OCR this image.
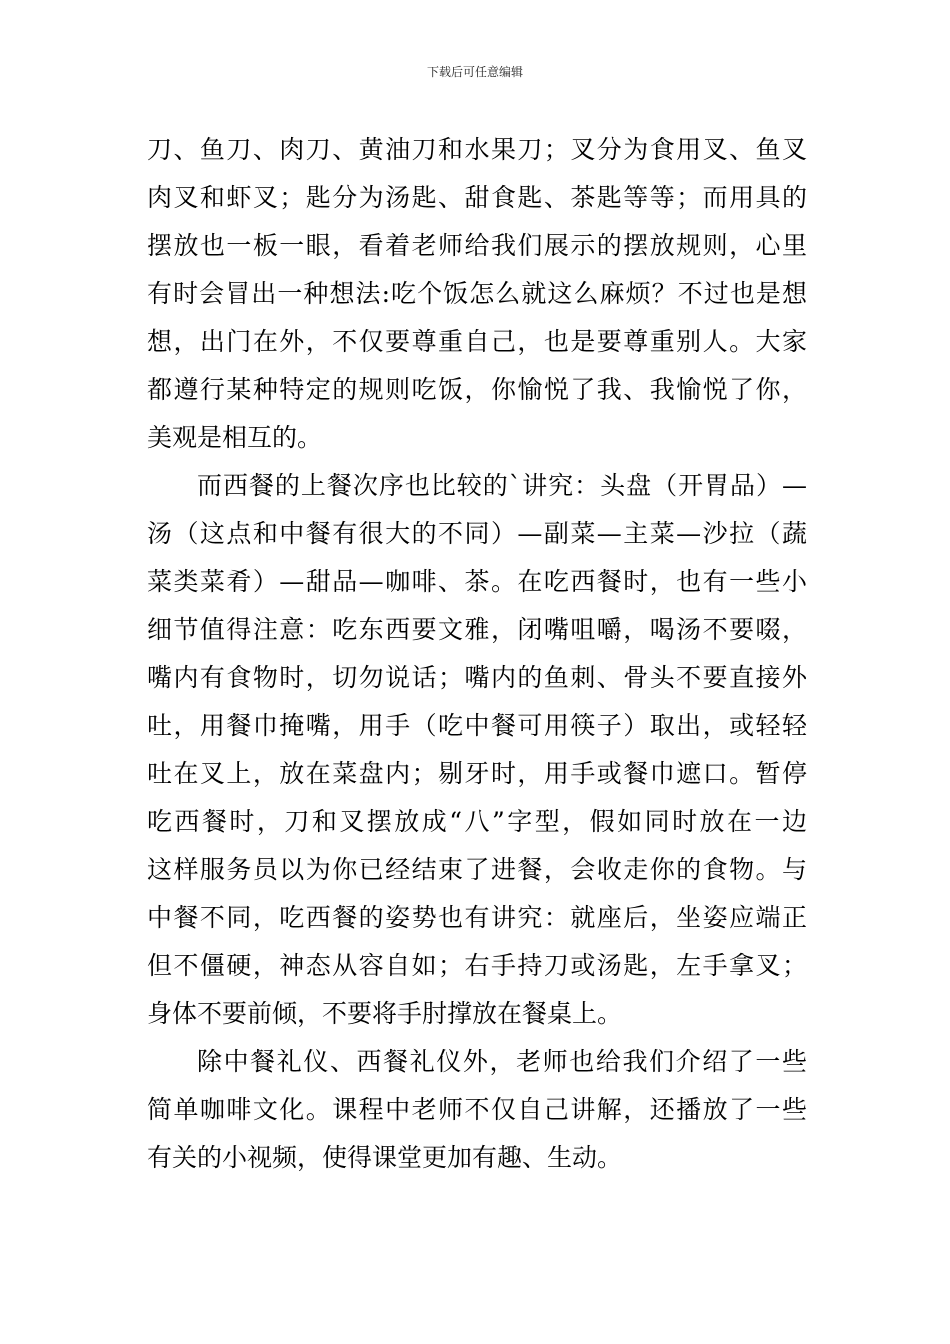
下载后可任意编辑
刀、鱼刀、肉刀、黄油刀和水果刀；叉分为食用叉、鱼叉
肉叉和虾叉；匙分为汤匙、甜食匙、茶匙等等；而用具的
摆放也一板一眼，看着老师给我们展示的摆放规则，心里
有时会冒出一种想法:吃个饭怎么就这么麻烦？不过也是想
想，出门在外，不仅要尊重自己，也是要尊重别人。大家
都遵行某种特定的规则吃饭，你愉悦了我、我愉悦了你，
美观是相互的。
而西餐的上餐次序也比较的`讲究：头盘（开胃品）—
汤（这点和中餐有很大的不同）—副菜—主菜—沙拉（蔬
菜类菜肴）—甜品—咖啡、茶。在吃西餐时，也有一些小
细节值得注意：吃东西要文雅，闭嘴咀嚼，喝汤不要啜，
嘴内有食物时，切勿说话；嘴内的鱼刺、骨头不要直接外
吐，用餐巾掩嘴，用手（吃中餐可用筷子）取出，或轻轻
吐在叉上，放在菜盘内；剔牙时，用手或餐巾遮口。暂停
吃西餐时，刀和叉摆放成“八”字型，假如同时放在一边
这样服务员以为你已经结束了进餐，会收走你的食物。与
中餐不同，吃西餐的姿势也有讲究：就座后，坐姿应端正
但不僵硬，神态从容自如；右手持刀或汤匙，左手拿叉；
身体不要前倾，不要将手肘撑放在餐桌上。
除中餐礼仪、西餐礼仪外，老师也给我们介绍了一些
简单咖啡文化。课程中老师不仅自己讲解，还播放了一些
有关的小视频，使得课堂更加有趣、生动。
